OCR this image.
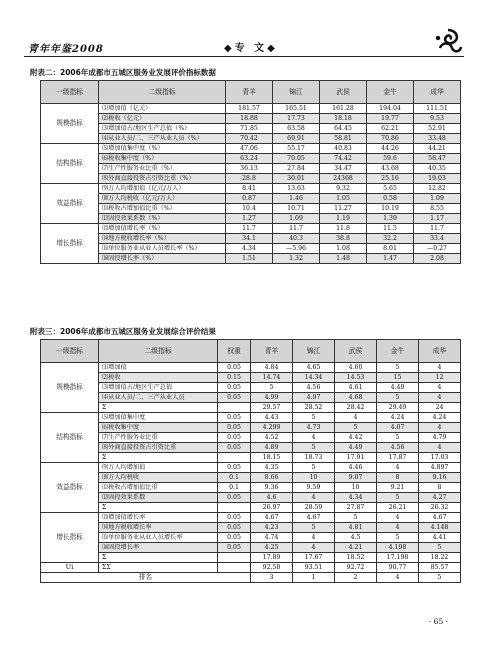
青年年鉴2008	◆专 文◆
附表二：2006年成都市五城区服务业发展评价指标数据
一级指标	二级指标	青羊	锦江	武侯	金牛	成华
规模指标	⑴增加值（亿元）	181.57	165.51	161.28	194.04	111.51
	⑵税收（亿元）	18.88	17.73	18.18	19.77	9.53
	⑶增加值占/地区生产总值（%）	71.85	63.58	64.45	62.21	52.91
	⑷从业人员/二、三产从业人员（%）	70.42	69.91	58.81	70.86	33.48
结构指标	⑸增加值集中度（%）	47.06	55.17	40.83	44.26	44.21
	⑹税收集中度（%）	63.24	70.05	74.42	59.6	58.47
	⑺生产性服务业比重（%）	36.13	27.84	34.47	43.68	40.35
	⑻外商直接投资占引资比重（%）	28.8	30.01	24368	25.16	19.03
效益指标	⑼万人均增加值（亿元/万人）	8.41	13.63	9.32	5.65	12.82
	⑽万人均税收（亿元/万人）	0.87	1.46	1.05	0.58	1.09
	⑾税收占增加值比重（%）	10.4	10.71	11.27	10.19	8.55
	⑿固投效果系数（%）	1.27	1.09	1.19	1.39	1.17
增长指标	⒀增加值增长率（%）	11.7	11.7	11.8	11.5	11.7
	⒁地方税收增长率（%）	34.1	40.3	38.8	32.2	33.4
	⒂单位服务业从业人员增长率（%）	4.34	—5.96	1.08	8.01	—0.27
	⒃固投增长率（%）	1.51	1.32	1.48	1.47	2.08
附表三：2006年成都市五城区服务业发展综合评价结果
一级指标	二级指标	权重	青羊	锦江	武侯	金牛	成华
规模指标	⑴增加值	0.05	4.84	4.65	4.60	5	4
	⑵税收	0.15	14.74	14.34	14.53	15	12
	⑶增加值占/地区生产总值	0.05	5	4.56	4.61	4.49	4
	⑷从业人员/二、三产从业人员	0.05	4.99	4.97	4.68	5	4
	Σ		29.57	28.52	28.42	29.49	24
结构指标	⑸增加值集中度	0.05	4.43	5	4	4.24	4.24
	⑹税收集中度	0.05	4.299	4.73	5	4.07	4
	⑺生产性服务业比重	0.05	4.52	4	4.42	5	4.79
	⑻外商直接投资占引资比重	0.05	4.89	5	4.49	4.56	4
	Σ		18.15	18.73	17.91	17.87	17.03
效益指标	⑼万人均增加值	0.05	4.35	5	4.46	4	4.897
	⑽万人均税收	0.1	8.66	10	9.07	8	9.16
	⑾税收占增加值比重	0.1	9.36	9.59	10	9.21	8
	⑿固投效果系数	0.05	4.6	4	4.34	5	4.27
	Σ		26.97	28.59	27.87	26.21	26.32
增长指标	⒀增加值增长率	0.05	4.67	4.67	5	4	4.67
	⒁地方税收增长率	0.05	4.23	5	4.81	4	4.148
	⒂单位服务业从业人员增长率	0.05	4.74	4	4.5	5	4.41
	⒃固投增长率	0.05	4.25	4	4.21	4.198	5
	Σ		17.89	17.67	18.52	17.198	18.22
Ui	ΣΣ		92.58	93.51	92.72	90.77	85.57
排名			3	1	2	4	5
· 65 ·
